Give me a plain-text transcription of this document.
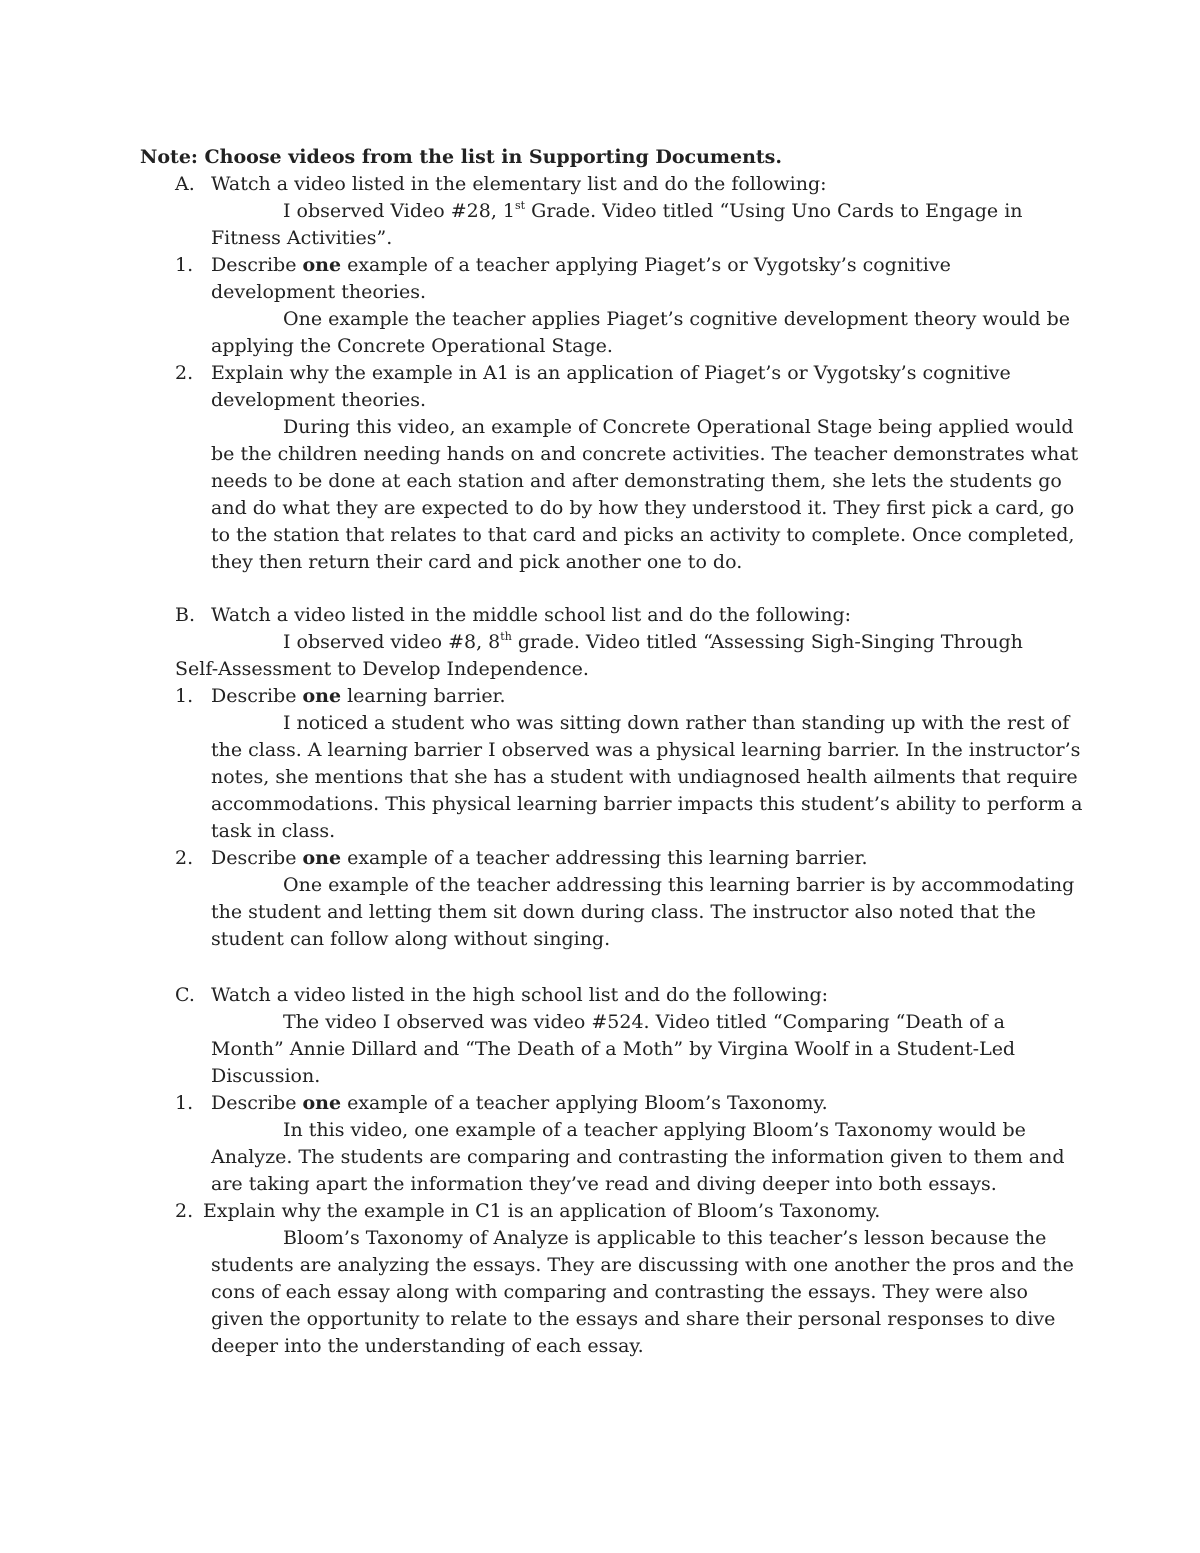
Note: Choose videos from the list in Supporting Documents.
A. Watch a video listed in the elementary list and do the following:
I observed Video #28, 1st Grade. Video titled “Using Uno Cards to Engage in
Fitness Activities”.
1. Describe one example of a teacher applying Piaget’s or Vygotsky’s cognitive
development theories.
One example the teacher applies Piaget’s cognitive development theory would be
applying the Concrete Operational Stage.
2. Explain why the example in A1 is an application of Piaget’s or Vygotsky’s cognitive
development theories.
During this video, an example of Concrete Operational Stage being applied would
be the children needing hands on and concrete activities. The teacher demonstrates what
needs to be done at each station and after demonstrating them, she lets the students go
and do what they are expected to do by how they understood it. They first pick a card, go
to the station that relates to that card and picks an activity to complete. Once completed,
they then return their card and pick another one to do.
B. Watch a video listed in the middle school list and do the following:
I observed video #8, 8th grade. Video titled “Assessing Sigh-Singing Through
Self-Assessment to Develop Independence.
1. Describe one learning barrier.
I noticed a student who was sitting down rather than standing up with the rest of
the class. A learning barrier I observed was a physical learning barrier. In the instructor’s
notes, she mentions that she has a student with undiagnosed health ailments that require
accommodations. This physical learning barrier impacts this student’s ability to perform a
task in class.
2. Describe one example of a teacher addressing this learning barrier.
One example of the teacher addressing this learning barrier is by accommodating
the student and letting them sit down during class. The instructor also noted that the
student can follow along without singing.
C. Watch a video listed in the high school list and do the following:
The video I observed was video #524. Video titled “Comparing “Death of a
Month” Annie Dillard and “The Death of a Moth” by Virgina Woolf in a Student-Led
Discussion.
1. Describe one example of a teacher applying Bloom’s Taxonomy.
In this video, one example of a teacher applying Bloom’s Taxonomy would be
Analyze. The students are comparing and contrasting the information given to them and
are taking apart the information they’ve read and diving deeper into both essays.
2. Explain why the example in C1 is an application of Bloom’s Taxonomy.
Bloom’s Taxonomy of Analyze is applicable to this teacher’s lesson because the
students are analyzing the essays. They are discussing with one another the pros and the
cons of each essay along with comparing and contrasting the essays. They were also
given the opportunity to relate to the essays and share their personal responses to dive
deeper into the understanding of each essay.
